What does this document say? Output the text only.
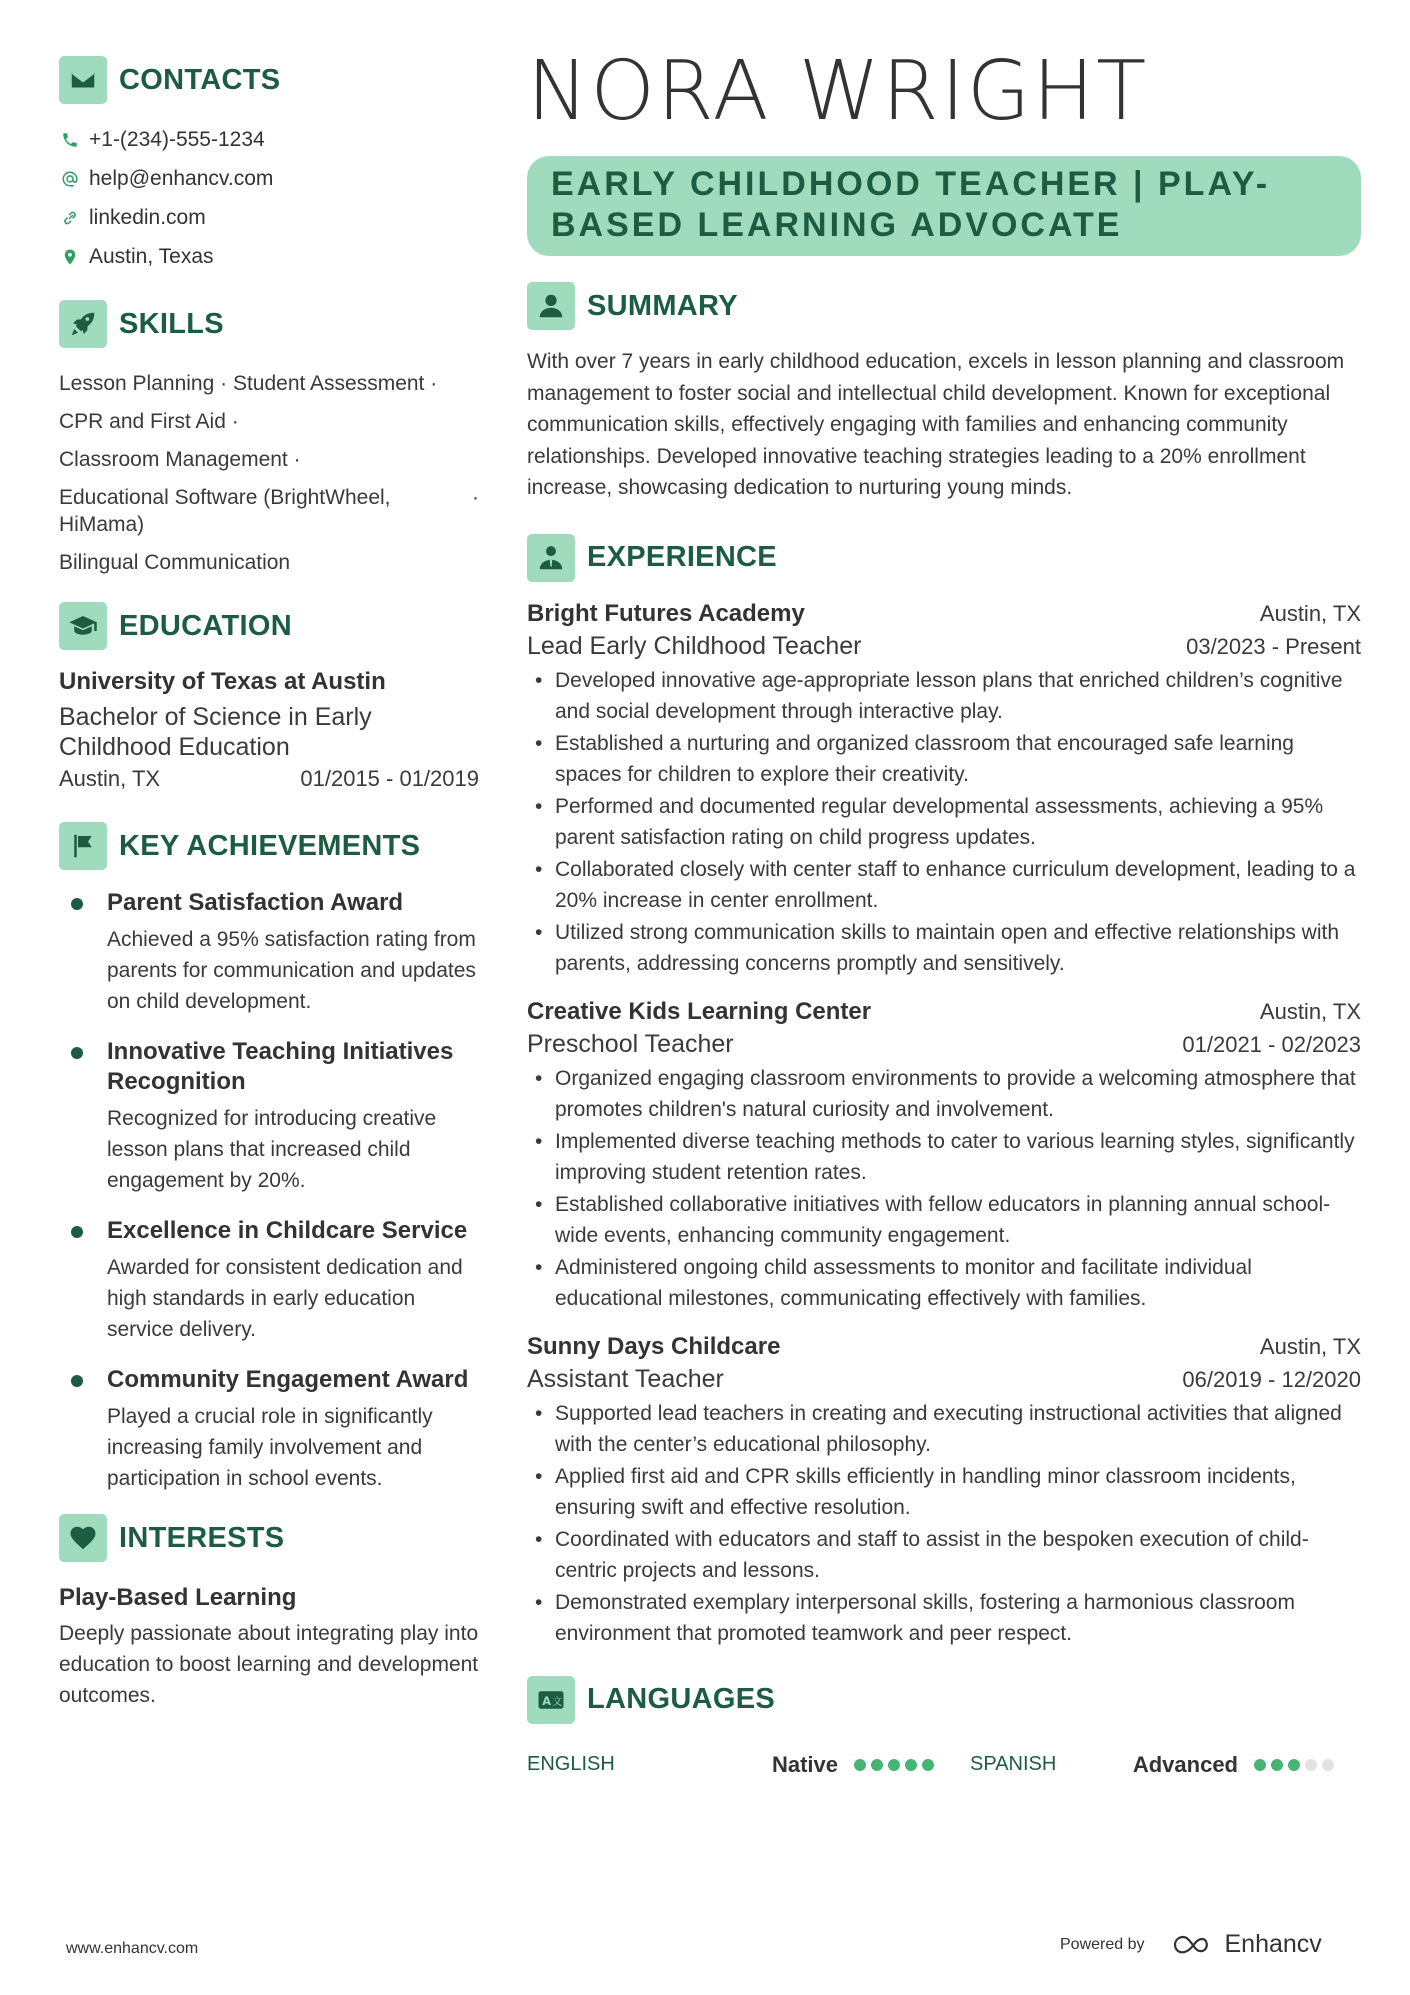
CONTACTS
+1-(234)-555-1234
help@enhancv.com
linkedin.com
Austin, Texas
SKILLS
Lesson Planning · Student Assessment ·
CPR and First Aid ·
Classroom Management ·
Educational Software (BrightWheel, HiMama)
·
Bilingual Communication
EDUCATION
University of Texas at Austin
Bachelor of Science in Early Childhood Education
Austin, TX	01/2015 - 01/2019
KEY ACHIEVEMENTS
Parent Satisfaction Award
Achieved a 95% satisfaction rating from parents for communication and updates on child development.
Innovative Teaching Initiatives Recognition
Recognized for introducing creative lesson plans that increased child engagement by 20%.
Excellence in Childcare Service
Awarded for consistent dedication and high standards in early education service delivery.
Community Engagement Award
Played a crucial role in significantly increasing family involvement and participation in school events.
INTERESTS
Play-Based Learning
Deeply passionate about integrating play into education to boost learning and development outcomes.
NORA WRIGHT
EARLY CHILDHOOD TEACHER | PLAY-BASED LEARNING ADVOCATE
SUMMARY
With over 7 years in early childhood education, excels in lesson planning and classroom management to foster social and intellectual child development. Known for exceptional communication skills, effectively engaging with families and enhancing community relationships. Developed innovative teaching strategies leading to a 20% enrollment increase, showcasing dedication to nurturing young minds.
EXPERIENCE
Bright Futures Academy	Austin, TX
Lead Early Childhood Teacher	03/2023 - Present
• Developed innovative age-appropriate lesson plans that enriched children’s cognitive and social development through interactive play.
• Established a nurturing and organized classroom that encouraged safe learning spaces for children to explore their creativity.
• Performed and documented regular developmental assessments, achieving a 95% parent satisfaction rating on child progress updates.
• Collaborated closely with center staff to enhance curriculum development, leading to a 20% increase in center enrollment.
• Utilized strong communication skills to maintain open and effective relationships with parents, addressing concerns promptly and sensitively.
Creative Kids Learning Center	Austin, TX
Preschool Teacher	01/2021 - 02/2023
• Organized engaging classroom environments to provide a welcoming atmosphere that promotes children's natural curiosity and involvement.
• Implemented diverse teaching methods to cater to various learning styles, significantly improving student retention rates.
• Established collaborative initiatives with fellow educators in planning annual school-wide events, enhancing community engagement.
• Administered ongoing child assessments to monitor and facilitate individual educational milestones, communicating effectively with families.
Sunny Days Childcare	Austin, TX
Assistant Teacher	06/2019 - 12/2020
• Supported lead teachers in creating and executing instructional activities that aligned with the center’s educational philosophy.
• Applied first aid and CPR skills efficiently in handling minor classroom incidents, ensuring swift and effective resolution.
• Coordinated with educators and staff to assist in the bespoken execution of child-centric projects and lessons.
• Demonstrated exemplary interpersonal skills, fostering a harmonious classroom environment that promoted teamwork and peer respect.
A 文 LANGUAGES
ENGLISH	Native	SPANISH	Advanced
www.enhancv.com	Powered by	Enhancv
